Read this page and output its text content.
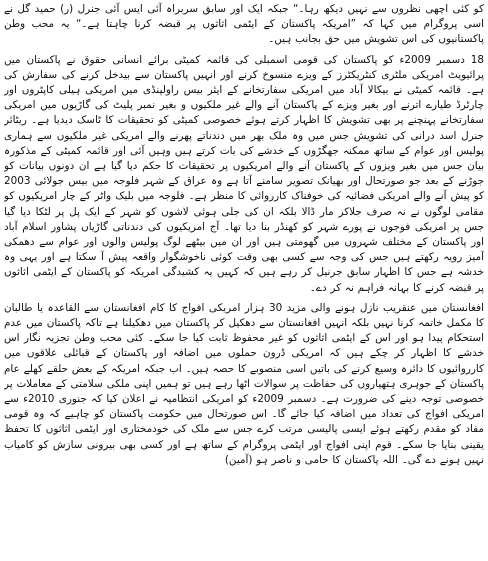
کو کئی اچھی نظروں سے نہیں دیکھ رہا۔“ جبکہ ایک اور سابق سربراہ آئی ایس آئی جنرل (ر) حمید گل نے اسی پروگرام میں کہا کہ ”امریکہ پاکستان کے ایٹمی اثاثوں پر قبضہ کرنا چاہتا ہے۔“ یہ محب وطن پاکستانیوں کی اس تشویش میں حق بجانب ہیں۔

18 دسمبر 2009ء کو پاکستان کی قومی اسمبلی کی قائمہ کمیٹی برائے انسانی حقوق نے پاکستان میں پرائیویٹ امریکی ملٹری کنٹریکٹرز کے ویزے منسوخ کرنے اور انہیں پاکستان سے بیدخل کرنے کی سفارش کی ہے۔ قائمہ کمیٹی نے بیکالا آباد میں امریکی سفارتخانے کے ایئر بیس راولپنڈی میں امریکی ہیلی کاپٹروں اور چارٹرڈ طیارے اترنے اور بغیر ویزے کے پاکستان آنے والے غیر ملکیوں و بغیر نمبر پلیٹ کی گاڑیوں میں امریکی سفارتخانے پہنچنے پر بھی تشویش کا اظہار کرتے ہوئے خصوصی کمیٹی کو تحقیقات کا ٹاسک دیدیا ہے۔ ریٹائر جنرل اسد درانی کی تشویش جس میں وہ ملک بھر میں دندناتے پھرنے والے امریکی غیر ملکیوں سے ہماری پولیس اور عوام کے ساتھ ممکنہ جھگڑوں کے خدشے کی بات کرتے ہیں وہیں آئی اور قائمہ کمیٹی کے مذکورہ بیان جس میں بغیر ویزوں کے پاکستان آنے والے امریکیوں پر تحقیقات کا حکم دیا گیا ہے ان دونوں بیانات کو جوڑنے کے بعد جو صورتحال اور بھیانک تصویر سامنے آتا ہے وہ عراق کے شہر فلوجہ میں بیس جولائی 2003 کو پیش آنے والے امریکی فضائیہ کی خوفناک کارروائی کا منظر ہے۔ فلوجہ میں بلیک واٹر کے چار امریکیوں کو مقامی لوگوں نے نہ صرف جلاکر مار ڈالا بلکہ ان کی جلی ہوئی لاشوں کو شہر کے ایک پل پر لٹکا دیا گیا جس پر امریکی فوجوں نے پورے شہر کو کھنڈر بنا دیا تھا۔ آج امریکیوں کی دندناتی گاڑیاں پشاور اسلام آباد اور پاکستان کے مختلف شہروں میں گھومتی ہیں اور ان میں بیٹھے لوگ پولیس والوں اور عوام سے دھمکی آمیز رویہ رکھتے ہیں جس کی وجہ سے کسی بھی وقت کوئی ناخوشگوار واقعہ پیش آ سکتا ہے اور یہی وہ خدشہ ہے جس کا اظہار سابق جرنیل کر رہے ہیں کہ کہیں یہ کشیدگی امریکہ کو پاکستان کے ایٹمی اثاثوں پر قبضہ کرنے کا بہانہ فراہم نہ کر دے۔

افغانستان میں عنقریب نازل ہونے والی مزید 30 ہزار امریکی افواج کا کام افغانستان سے القاعدہ یا طالبان کا مکمل خاتمہ کرنا نہیں بلکہ انہیں افغانستان سے دھکیل کر پاکستان میں دھکیلنا ہے تاکہ پاکستان میں عدم استحکام پیدا ہو اور اس کے ایٹمی اثاثوں کو غیر محفوظ ثابت کیا جا سکے۔ کئی محب وطن تجزیہ نگار اس خدشے کا اظہار کر چکے ہیں کہ امریکی ڈرون حملوں میں اضافہ اور پاکستان کے قبائلی علاقوں میں کارروائیوں کا دائرہ وسیع کرنے کی باتیں اسی منصوبے کا حصہ ہیں۔ اب جبکہ امریکہ کے بعض حلقے کھلے عام پاکستان کے جوہری ہتھیاروں کی حفاظت پر سوالات اٹھا رہے ہیں تو ہمیں اپنی ملکی سلامتی کے معاملات پر خصوصی توجہ دینے کی ضرورت ہے۔ دسمبر 2009ء کو امریکی انتظامیہ نے اعلان کیا کہ جنوری 2010ء سے امریکی افواج کی تعداد میں اضافہ کیا جائے گا۔ اس صورتحال میں حکومت پاکستان کو چاہیے کہ وہ قومی مفاد کو مقدم رکھتے ہوئے ایسی پالیسی مرتب کرے جس سے ملک کی خودمختاری اور ایٹمی اثاثوں کا تحفظ یقینی بنایا جا سکے۔ قوم اپنی افواج اور ایٹمی پروگرام کے ساتھ ہے اور کسی بھی بیرونی سازش کو کامیاب نہیں ہونے دے گی۔ اللہ پاکستان کا حامی و ناصر ہو (آمین)
